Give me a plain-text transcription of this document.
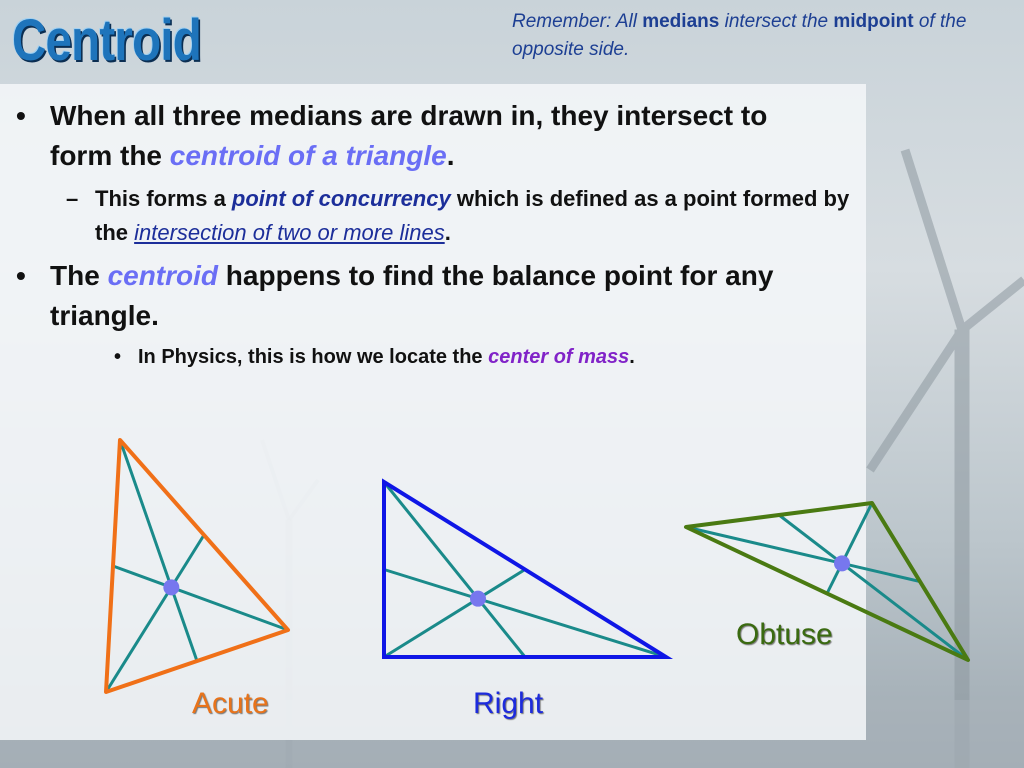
Centroid	Remember: All medians intersect the midpoint of the opposite side.
• When all three medians are drawn in, they intersect to form the centroid of a triangle.
– This forms a point of concurrency which is defined as a point formed by the intersection of two or more lines.
• The centroid happens to find the balance point for any triangle.
• In Physics, this is how we locate the center of mass.
Acute	Right
Obtuse
